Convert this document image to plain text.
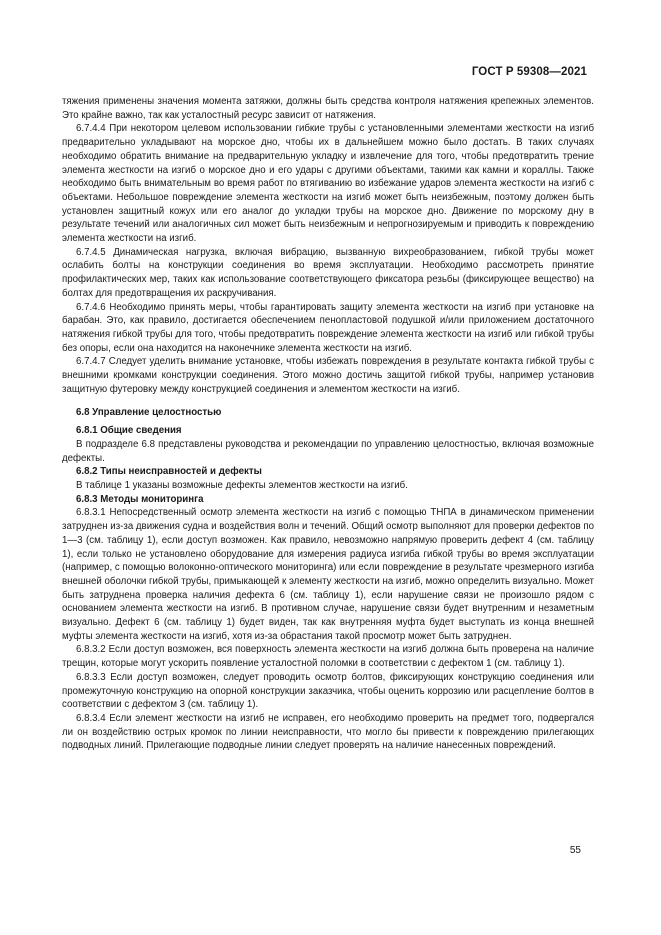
ГОСТ Р 59308—2021

тяжения применены значения момента затяжки, должны быть средства контроля натяжения крепежных элементов. Это крайне важно, так как усталостный ресурс зависит от натяжения.

6.7.4.4 При некотором целевом использовании гибкие трубы с установленными элементами жесткости на изгиб предварительно укладывают на морское дно, чтобы их в дальнейшем можно было достать. В таких случаях необходимо обратить внимание на предварительную укладку и извлечение для того, чтобы предотвратить трение элемента жесткости на изгиб о морское дно и его удары с другими объектами, такими как камни и кораллы. Также необходимо быть внимательным во время работ по втягиванию во избежание ударов элемента жесткости на изгиб с объектами. Небольшое повреждение элемента жесткости на изгиб может быть неизбежным, поэтому должен быть установлен защитный кожух или его аналог до укладки трубы на морское дно. Движение по морскому дну в результате течений или аналогичных сил может быть неизбежным и непрогнозируемым и приводить к повреждению элемента жесткости на изгиб.

6.7.4.5 Динамическая нагрузка, включая вибрацию, вызванную вихреобразованием, гибкой трубы может ослабить болты на конструкции соединения во время эксплуатации. Необходимо рассмотреть принятие профилактических мер, таких как использование соответствующего фиксатора резьбы (фиксирующее вещество) на болтах для предотвращения их раскручивания.

6.7.4.6 Необходимо принять меры, чтобы гарантировать защиту элемента жесткости на изгиб при установке на барабан. Это, как правило, достигается обеспечением пенопластовой подушкой и/или приложением достаточного натяжения гибкой трубы для того, чтобы предотвратить повреждение элемента жесткости на изгиб или гибкой трубы без опоры, если она находится на наконечнике элемента жесткости на изгиб.

6.7.4.7 Следует уделить внимание установке, чтобы избежать повреждения в результате контакта гибкой трубы с внешними кромками конструкции соединения. Этого можно достичь защитой гибкой трубы, например установив защитную футеровку между конструкцией соединения и элементом жесткости на изгиб.

6.8 Управление целостностью

6.8.1 Общие сведения

В подразделе 6.8 представлены руководства и рекомендации по управлению целостностью, включая возможные дефекты.

6.8.2 Типы неисправностей и дефекты

В таблице 1 указаны возможные дефекты элементов жесткости на изгиб.

6.8.3 Методы мониторинга

6.8.3.1 Непосредственный осмотр элемента жесткости на изгиб с помощью ТНПА в динамическом применении затруднен из-за движения судна и воздействия волн и течений. Общий осмотр выполняют для проверки дефектов по 1—3 (см. таблицу 1), если доступ возможен. Как правило, невозможно напрямую проверить дефект 4 (см. таблицу 1), если только не установлено оборудование для измерения радиуса изгиба гибкой трубы во время эксплуатации (например, с помощью волоконно-оптического мониторинга) или если повреждение в результате чрезмерного изгиба внешней оболочки гибкой трубы, примыкающей к элементу жесткости на изгиб, можно определить визуально. Может быть затруднена проверка наличия дефекта 6 (см. таблицу 1), если нарушение связи не произошло рядом с основанием элемента жесткости на изгиб. В противном случае, нарушение связи будет внутренним и незаметным визуально. Дефект 6 (см. таблицу 1) будет виден, так как внутренняя муфта будет выступать из конца внешней муфты элемента жесткости на изгиб, хотя из-за обрастания такой просмотр может быть затруднен.

6.8.3.2 Если доступ возможен, вся поверхность элемента жесткости на изгиб должна быть проверена на наличие трещин, которые могут ускорить появление усталостной поломки в соответствии с дефектом 1 (см. таблицу 1).

6.8.3.3 Если доступ возможен, следует проводить осмотр болтов, фиксирующих конструкцию соединения или промежуточную конструкцию на опорной конструкции заказчика, чтобы оценить коррозию или расцепление болтов в соответствии с дефектом 3 (см. таблицу 1).

6.8.3.4 Если элемент жесткости на изгиб не исправен, его необходимо проверить на предмет того, подвергался ли он воздействию острых кромок по линии неисправности, что могло бы привести к повреждению прилегающих подводных линий. Прилегающие подводные линии следует проверять на наличие нанесенных повреждений.

55
